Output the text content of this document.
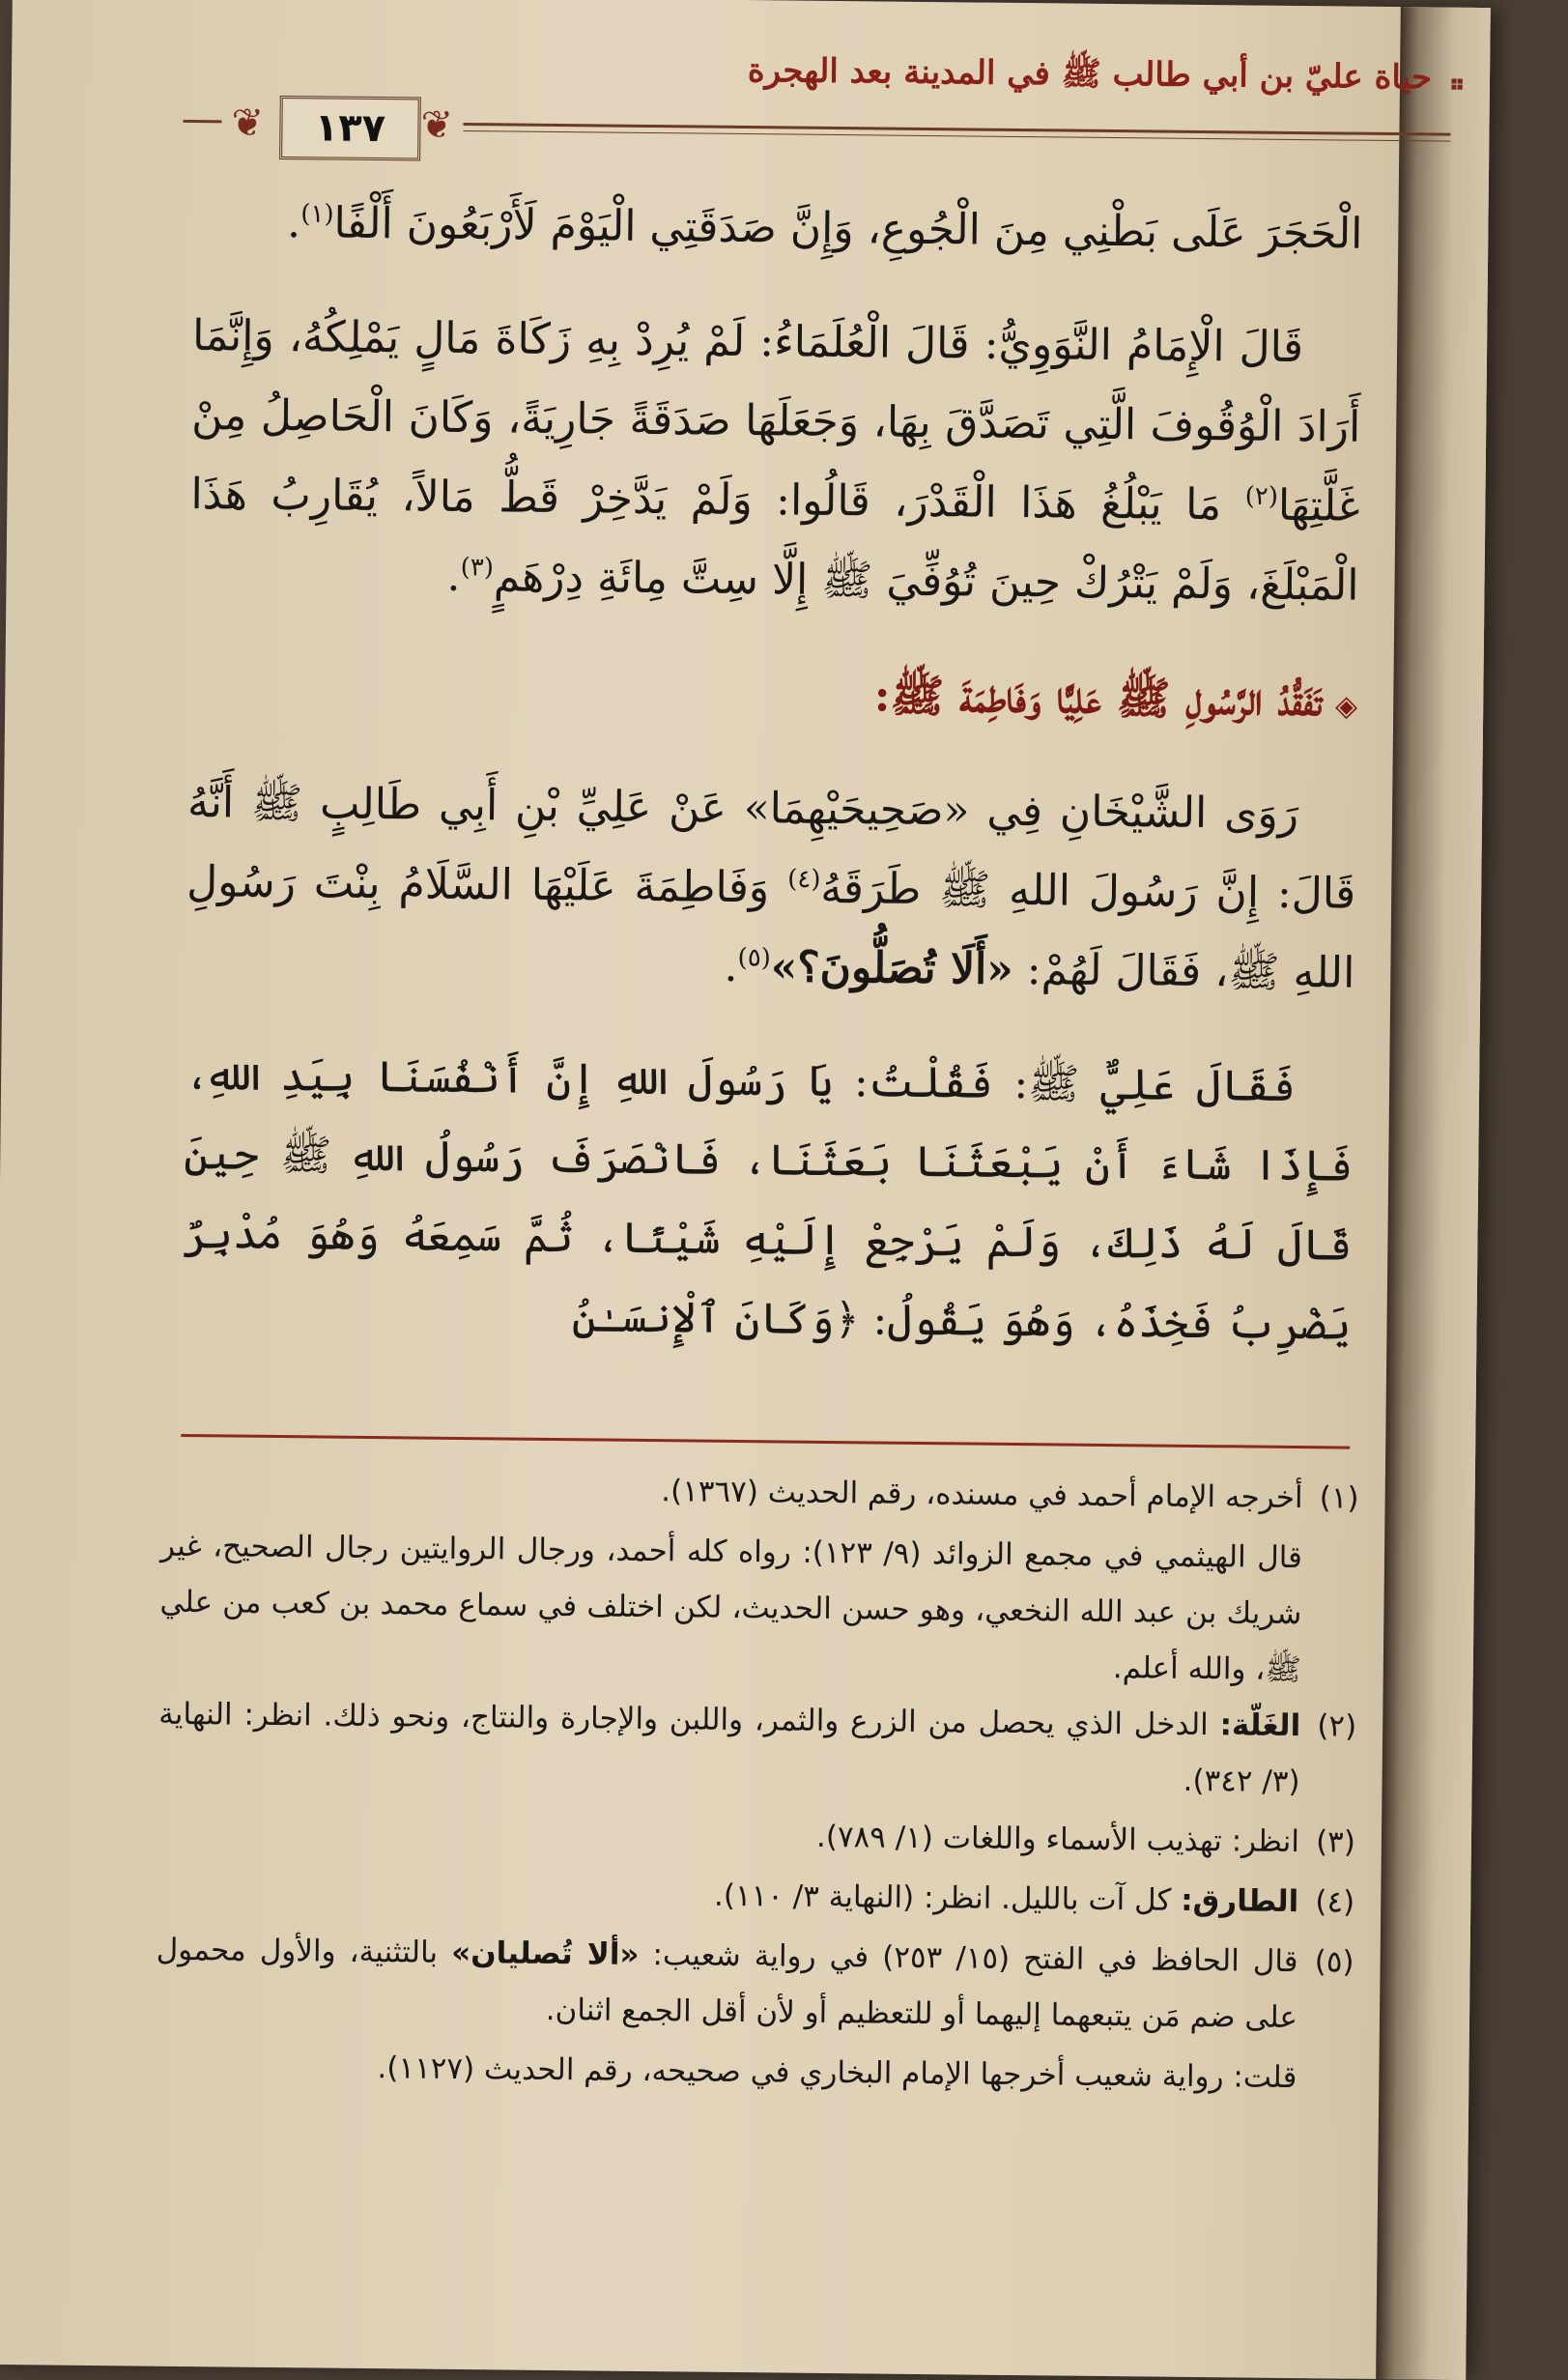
❖
حياة عليّ بن أبي طالب ﷺ في المدينة بعد الهجرة
❦ ١٣٧ ❦

الْحَجَرَ عَلَى بَطْنِي مِنَ الْجُوعِ، وَإِنَّ صَدَقَتِي الْيَوْمَ لَأَرْبَعُونَ أَلْفًا$^{(١)}$.

قَالَ الْإِمَامُ النَّوَوِيُّ: قَالَ الْعُلَمَاءُ: لَمْ يُرِدْ بِهِ زَكَاةَ مَالٍ يَمْلِكُهُ، وَإِنَّمَا أَرَادَ الْوُقُوفَ الَّتِي تَصَدَّقَ بِهَا، وَجَعَلَهَا صَدَقَةً جَارِيَةً، وَكَانَ الْحَاصِلُ مِنْ غَلَّتِهَا$^{(٢)}$ مَا يَبْلُغُ هَذَا الْقَدْرَ، قَالُوا: وَلَمْ يَدَّخِرْ قَطُّ مَالاً، يُقَارِبُ هَذَا الْمَبْلَغَ، وَلَمْ يَتْرُكْ حِينَ تُوُفِّيَ ﷺ إِلَّا سِتَّ مِائَةِ دِرْهَمٍ$^{(٣)}$.

◈تَفَقُّدُ الرَّسُولِ ﷺ عَلِيًّا وَفَاطِمَةَ ﷺ:

رَوَى الشَّيْخَانِ فِي «صَحِيحَيْهِمَا» عَنْ عَلِيِّ بْنِ أَبِي طَالِبٍ ﷺ أَنَّهُ قَالَ: إِنَّ رَسُولَ اللهِ ﷺ طَرَقَهُ$^{(٤)}$ وَفَاطِمَةَ عَلَيْهَا السَّلَامُ بِنْتَ رَسُولِ اللهِ ﷺ، فَقَالَ لَهُمْ: «أَلَا تُصَلُّونَ؟»$^{(٥)}$.

فَقَالَ عَلِيٌّ ﷺ: فَقُلْتُ: يَا رَسُولَ اللهِ إِنَّ أَنْفُسَنَا بِيَدِ اللهِ، فَإِذَا شَاءَ أَنْ يَبْعَثَنَا بَعَثَنَا، فَانْصَرَفَ رَسُولُ اللهِ ﷺ حِينَ قَالَ لَهُ ذَلِكَ، وَلَمْ يَرْجِعْ إِلَيْهِ شَيْئًا، ثُمَّ سَمِعَهُ وَهُوَ مُدْبِرٌ يَضْرِبُ فَخِذَهُ، وَهُوَ يَقُولُ: ﴿وَكَانَ ٱلْإِنسَـٰنُ

(١)
أخرجه الإمام أحمد في مسنده، رقم الحديث (١٣٦٧).
قال الهيثمي في مجمع الزوائد (٩/ ١٢٣): رواه كله أحمد، ورجال الروايتين رجال الصحيح، غير شريك بن عبد الله النخعي، وهو حسن الحديث، لكن اختلف في سماع محمد بن كعب من علي ﷺ، والله أعلم.
(٢)
الغَلّة: الدخل الذي يحصل من الزرع والثمر، واللبن والإجارة والنتاج، ونحو ذلك. انظر: النهاية (٣/ ٣٤٢).
(٣)
انظر: تهذيب الأسماء واللغات (١/ ٧٨٩).
(٤)
الطارق: كل آت بالليل. انظر: (النهاية ٣/ ١١٠).
(٥)
قال الحافظ في الفتح (١٥/ ٢٥٣) في رواية شعيب: «ألا تُصليان» بالتثنية، والأول محمول على ضم مَن يتبعهما إليهما أو للتعظيم أو لأن أقل الجمع اثنان.
قلت: رواية شعيب أخرجها الإمام البخاري في صحيحه، رقم الحديث (١١٢٧).
